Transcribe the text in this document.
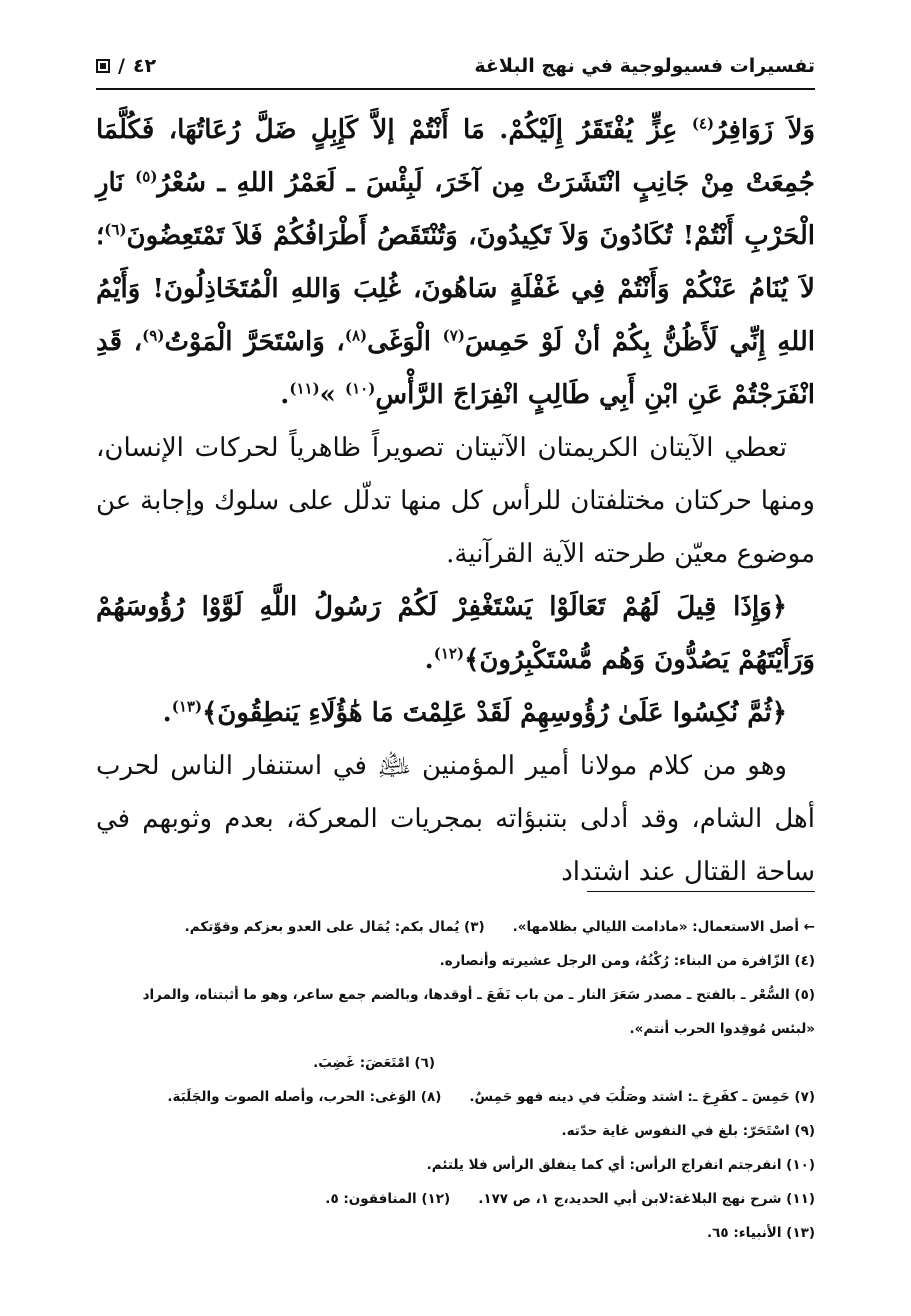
تفسيرات فسيولوجية في نهج البلاغة
٤٢
/

وَلاَ زَوَافِرُ$^{(٤)}$ عِزٍّ يُفْتَقَرُ إِلَيْكُمْ. مَا أَنْتُمْ إلاَّ كَإِبِلٍ ضَلَّ رُعَاتُهَا، فَكُلَّمَا جُمِعَتْ مِنْ جَانِبٍ انْتَشَرَتْ مِن آخَرَ، لَبِئْسَ ـ لَعَمْرُ اللهِ ـ سُعْرُ$^{(٥)}$ نَارِ الْحَرْبِ أَنْتُمْ! تُكَادُونَ وَلاَ تَكِيدُونَ، وَتُنْتَقَصُ أَطْرَافُكُمْ فَلاَ تَمْتَعِضُونَ$^{(٦)}$؛ لاَ يُنَامُ عَنْكُمْ وَأَنْتُمْ فِي غَفْلَةٍ سَاهُونَ، غُلِبَ وَاللهِ الْمُتَخَاذِلُونَ! وَأَيْمُ اللهِ إِنِّي لَأَظُنُّ بِكُمْ أنْ لَوْ حَمِسَ$^{(٧)}$ الْوَغَى$^{(٨)}$، وَاسْتَحَرَّ الْمَوْتُ$^{(٩)}$، قَدِ انْفَرَجْتُمْ عَنِ ابْنِ أَبِي طَالِبٍ انْفِرَاجَ الرَّأْسِ$^{(١٠)}$ »$^{(١١)}$.

تعطي الآيتان الكريمتان الآتيتان تصويراً ظاهرياً لحركات الإنسان، ومنها حركتان مختلفتان للرأس كل منها تدلّل على سلوك وإجابة عن موضوع معيّن طرحته الآية القرآنية.

﴿وَإِذَا قِيلَ لَهُمْ تَعَالَوْا يَسْتَغْفِرْ لَكُمْ رَسُولُ اللَّهِ لَوَّوْا رُؤُوسَهُمْ وَرَأَيْتَهُمْ يَصُدُّونَ وَهُم مُّسْتَكْبِرُونَ﴾$^{(١٢)}$.

﴿ثُمَّ نُكِسُوا عَلَىٰ رُؤُوسِهِمْ لَقَدْ عَلِمْتَ مَا هَٰؤُلَاءِ يَنطِقُونَ﴾$^{(١٣)}$.

وهو من كلام مولانا أمير المؤمنين ﵇ في استنفار الناس لحرب أهل الشام، وقد أدلى بتنبؤاته بمجريات المعركة، بعدم وثوبهم في ساحة القتال عند اشتداد

← أصل الاستعمال: «مادامت الليالي بظلامها».
(٣) يُمال بكم: يُمَال على العدو بعزكم وقوّتكم.
(٤) الزّافرة من البناء: رُكْنُهُ، ومن الرجل عشيرته وأنصاره.
(٥) السُّعْر ـ بالفتح ـ مصدر سَعَرَ النار ـ من باب نَفَعَ ـ أوقدها، وبالضم جمع ساعر، وهو ما أثبتناه، والمراد «لبئس مُوقِدوا الحرب أنتم».
(٦) امْتَعَضَ: غَضِبَ.
(٧) حَمِسَ ـ كفَرِحَ ـ: اشتد وصَلُبَ في دينه فهو حَمِسٌ.
(٨) الوَغى: الحرب، وأصله الصوت والجَلَبَة.
(٩) اسْتَحَرّ: بلغ في النفوس غاية حدّته.
(١٠) انفرجتم انفراج الرأس: أي كما ينفلق الرأس فلا يلتئم.
(١١) شرح نهج البلاغة:لابن أبي الحديد،ج ١، ص ١٧٧.
(١٢) المنافقون: ٥.
(١٣) الأنبياء: ٦٥.
